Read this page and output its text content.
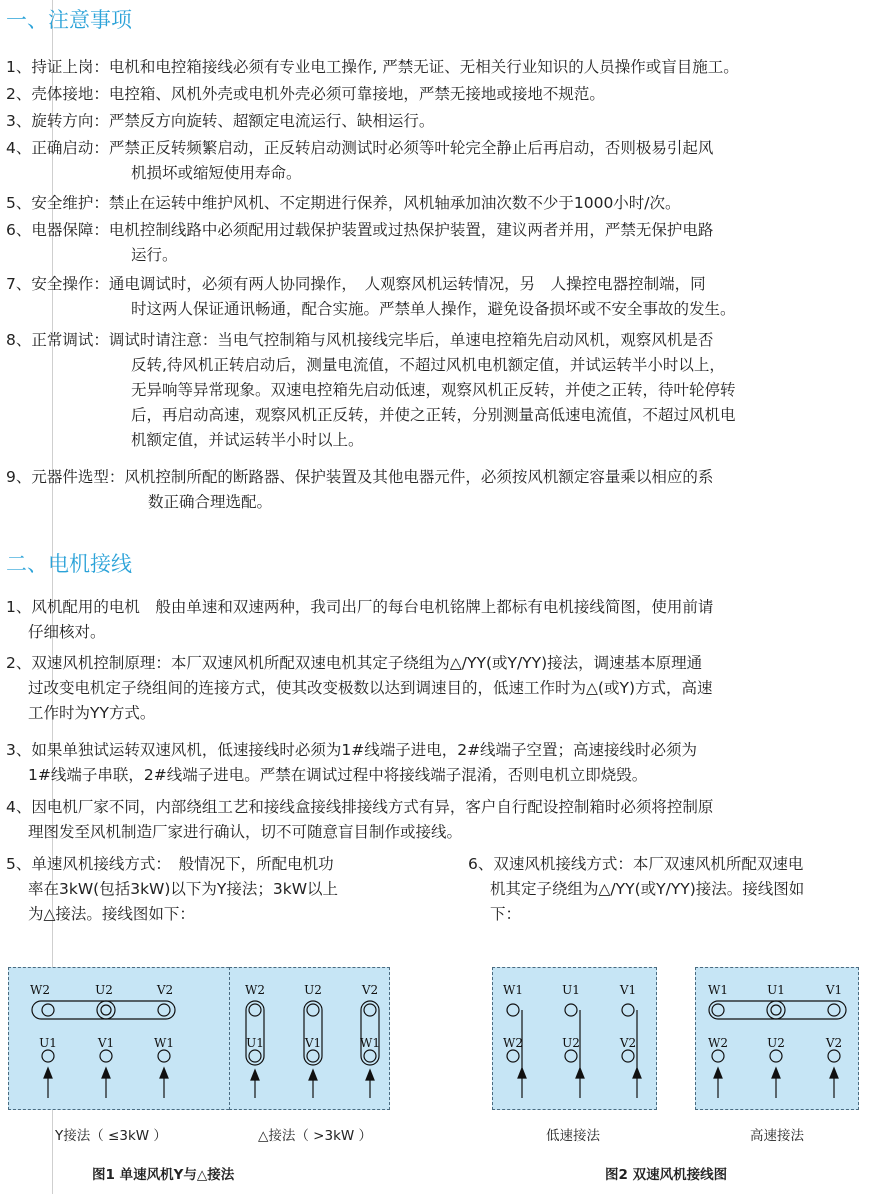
一、注意事项
1、持证上岗：电机和电控箱接线必须有专业电工操作, 严禁无证、无相关行业知识的人员操作或盲目施工。
2、壳体接地：电控箱、风机外壳或电机外壳必须可靠接地，严禁无接地或接地不规范。
3、旋转方向：严禁反方向旋转、超额定电流运行、缺相运行。
4、正确启动：严禁正反转频繁启动，正反转启动测试时必须等叶轮完全静止后再启动，否则极易引起风
机损坏或缩短使用寿命。
5、安全维护：禁止在运转中维护风机、不定期进行保养，风机轴承加油次数不少于1000小时/次。
6、电器保障：电机控制线路中必须配用过载保护装置或过热保护装置，建议两者并用，严禁无保护电路
运行。
7、安全操作：通电调试时，必须有两人协同操作，　人观察风机运转情况，另　人操控电器控制端，同
时这两人保证通讯畅通，配合实施。严禁单人操作，避免设备损坏或不安全事故的发生。
8、正常调试：调试时请注意：当电气控制箱与风机接线完毕后，单速电控箱先启动风机，观察风机是否
反转,待风机正转启动后，测量电流值，不超过风机电机额定值，并试运转半小时以上，
无异响等异常现象。双速电控箱先启动低速，观察风机正反转，并使之正转，待叶轮停转
后，再启动高速，观察风机正反转，并使之正转，分别测量高低速电流值，不超过风机电
机额定值，并试运转半小时以上。
9、元器件选型：风机控制所配的断路器、保护装置及其他电器元件，必须按风机额定容量乘以相应的系
数正确合理选配。
二、电机接线
1、风机配用的电机　般由单速和双速两种，我司出厂的每台电机铭牌上都标有电机接线简图，使用前请
仔细核对。
2、双速风机控制原理：本厂双速风机所配双速电机其定子绕组为△/YY(或Y/YY)接法，调速基本原理通
过改变电机定子绕组间的连接方式，使其改变极数以达到调速目的，低速工作时为△(或Y)方式，高速
工作时为YY方式。
3、如果单独试运转双速风机，低速接线时必须为1#线端子进电，2#线端子空置；高速接线时必须为
1#线端子串联，2#线端子进电。严禁在调试过程中将接线端子混淆，否则电机立即烧毁。
4、因电机厂家不同，内部绕组工艺和接线盒接线排接线方式有异，客户自行配设控制箱时必须将控制原
理图发至风机制造厂家进行确认，切不可随意盲目制作或接线。
5、单速风机接线方式：　般情况下，所配电机功
率在3kW(包括3kW)以下为Y接法；3kW以上
为△接法。接线图如下：
6、双速风机接线方式：本厂双速风机所配双速电
机其定子绕组为△/YY(或Y/YY)接法。接线图如
下：
W2	U2	V2
U1	V1	W1
W2	U2	V2
U1	V1	W1
W1	U1	V1
W2	U2	V2
W1	U1	V1
W2	U2	V2
Y接法（ ≤3kW ）	△接法（ >3kW ）	低速接法	高速接法
图1 单速风机Y与△接法	图2 双速风机接线图
